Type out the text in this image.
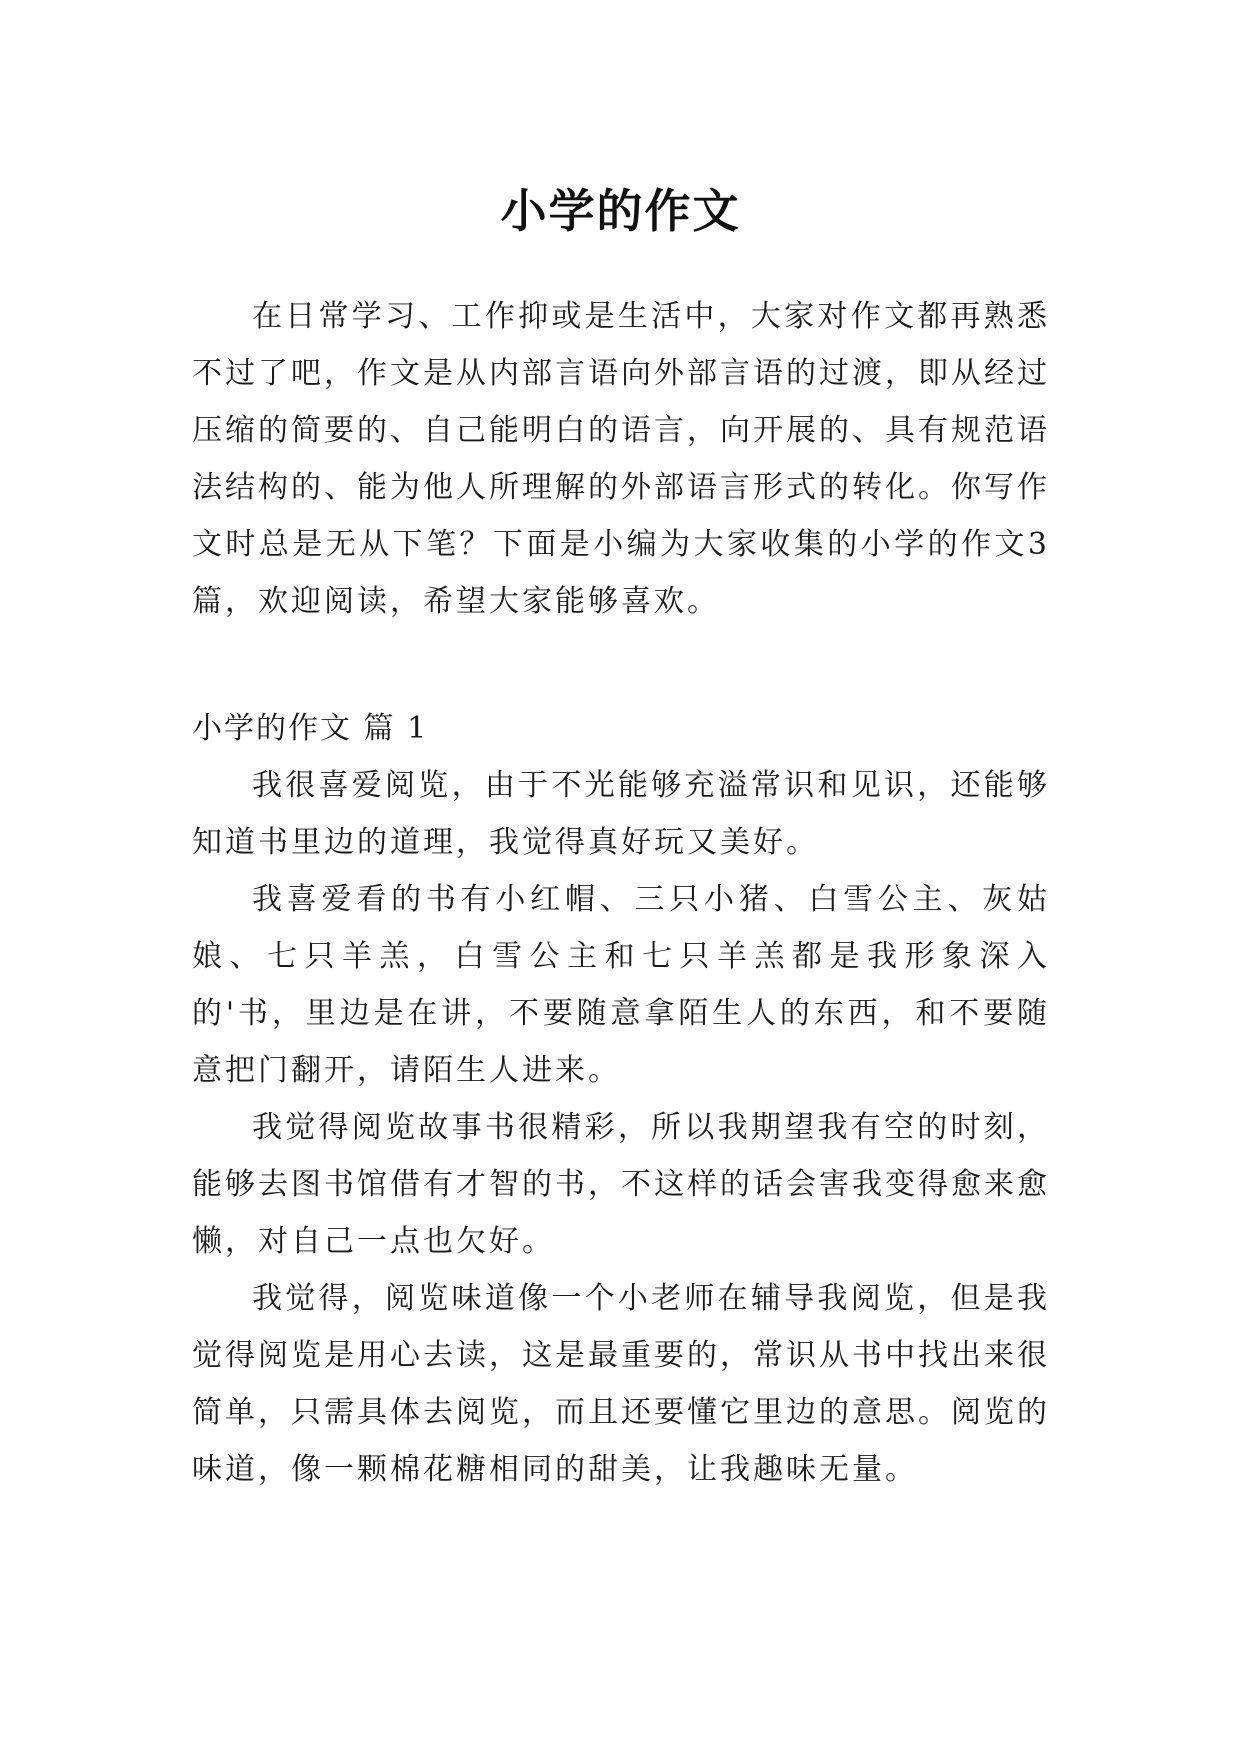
小学的作文

在日常学习、工作抑或是生活中，大家对作文都再熟悉不过了吧，作文是从内部言语向外部言语的过渡，即从经过压缩的简要的、自己能明白的语言，向开展的、具有规范语法结构的、能为他人所理解的外部语言形式的转化。你写作文时总是无从下笔？下面是小编为大家收集的小学的作文3篇，欢迎阅读，希望大家能够喜欢。

小学的作文 篇 1

我很喜爱阅览，由于不光能够充溢常识和见识，还能够知道书里边的道理，我觉得真好玩又美好。

我喜爱看的书有小红帽、三只小猪、白雪公主、灰姑娘、七只羊羔，白雪公主和七只羊羔都是我形象深入的'书，里边是在讲，不要随意拿陌生人的东西，和不要随意把门翻开，请陌生人进来。

我觉得阅览故事书很精彩，所以我期望我有空的时刻，能够去图书馆借有才智的书，不这样的话会害我变得愈来愈懒，对自己一点也欠好。

我觉得，阅览味道像一个小老师在辅导我阅览，但是我觉得阅览是用心去读，这是最重要的，常识从书中找出来很简单，只需具体去阅览，而且还要懂它里边的意思。阅览的味道，像一颗棉花糖相同的甜美，让我趣味无量。
